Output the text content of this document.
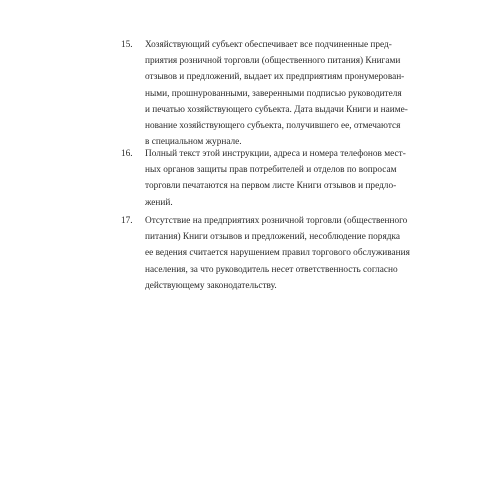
15.	Хозяйствующий субъект обеспечивает все подчиненные пред-
приятия розничной торговли (общественного питания) Книгами
отзывов и предложений, выдает их предприятиям пронумерован-
ными, прошнурованными, заверенными подписью руководителя
и печатью хозяйствующего субъекта. Дата выдачи Книги и наиме-
нование хозяйствующего субъекта, получившего ее, отмечаются
в специальном журнале.
16.	Полный текст этой инструкции, адреса и номера телефонов мест-
ных органов защиты прав потребителей и отделов по вопросам
торговли печатаются на первом листе Книги отзывов и предло-
жений.
17.	Отсутствие на предприятиях розничной торговли (общественного
питания) Книги отзывов и предложений, несоблюдение порядка
ее ведения считается нарушением правил торгового обслуживания
населения, за что руководитель несет ответственность согласно
действующему законодательству.
